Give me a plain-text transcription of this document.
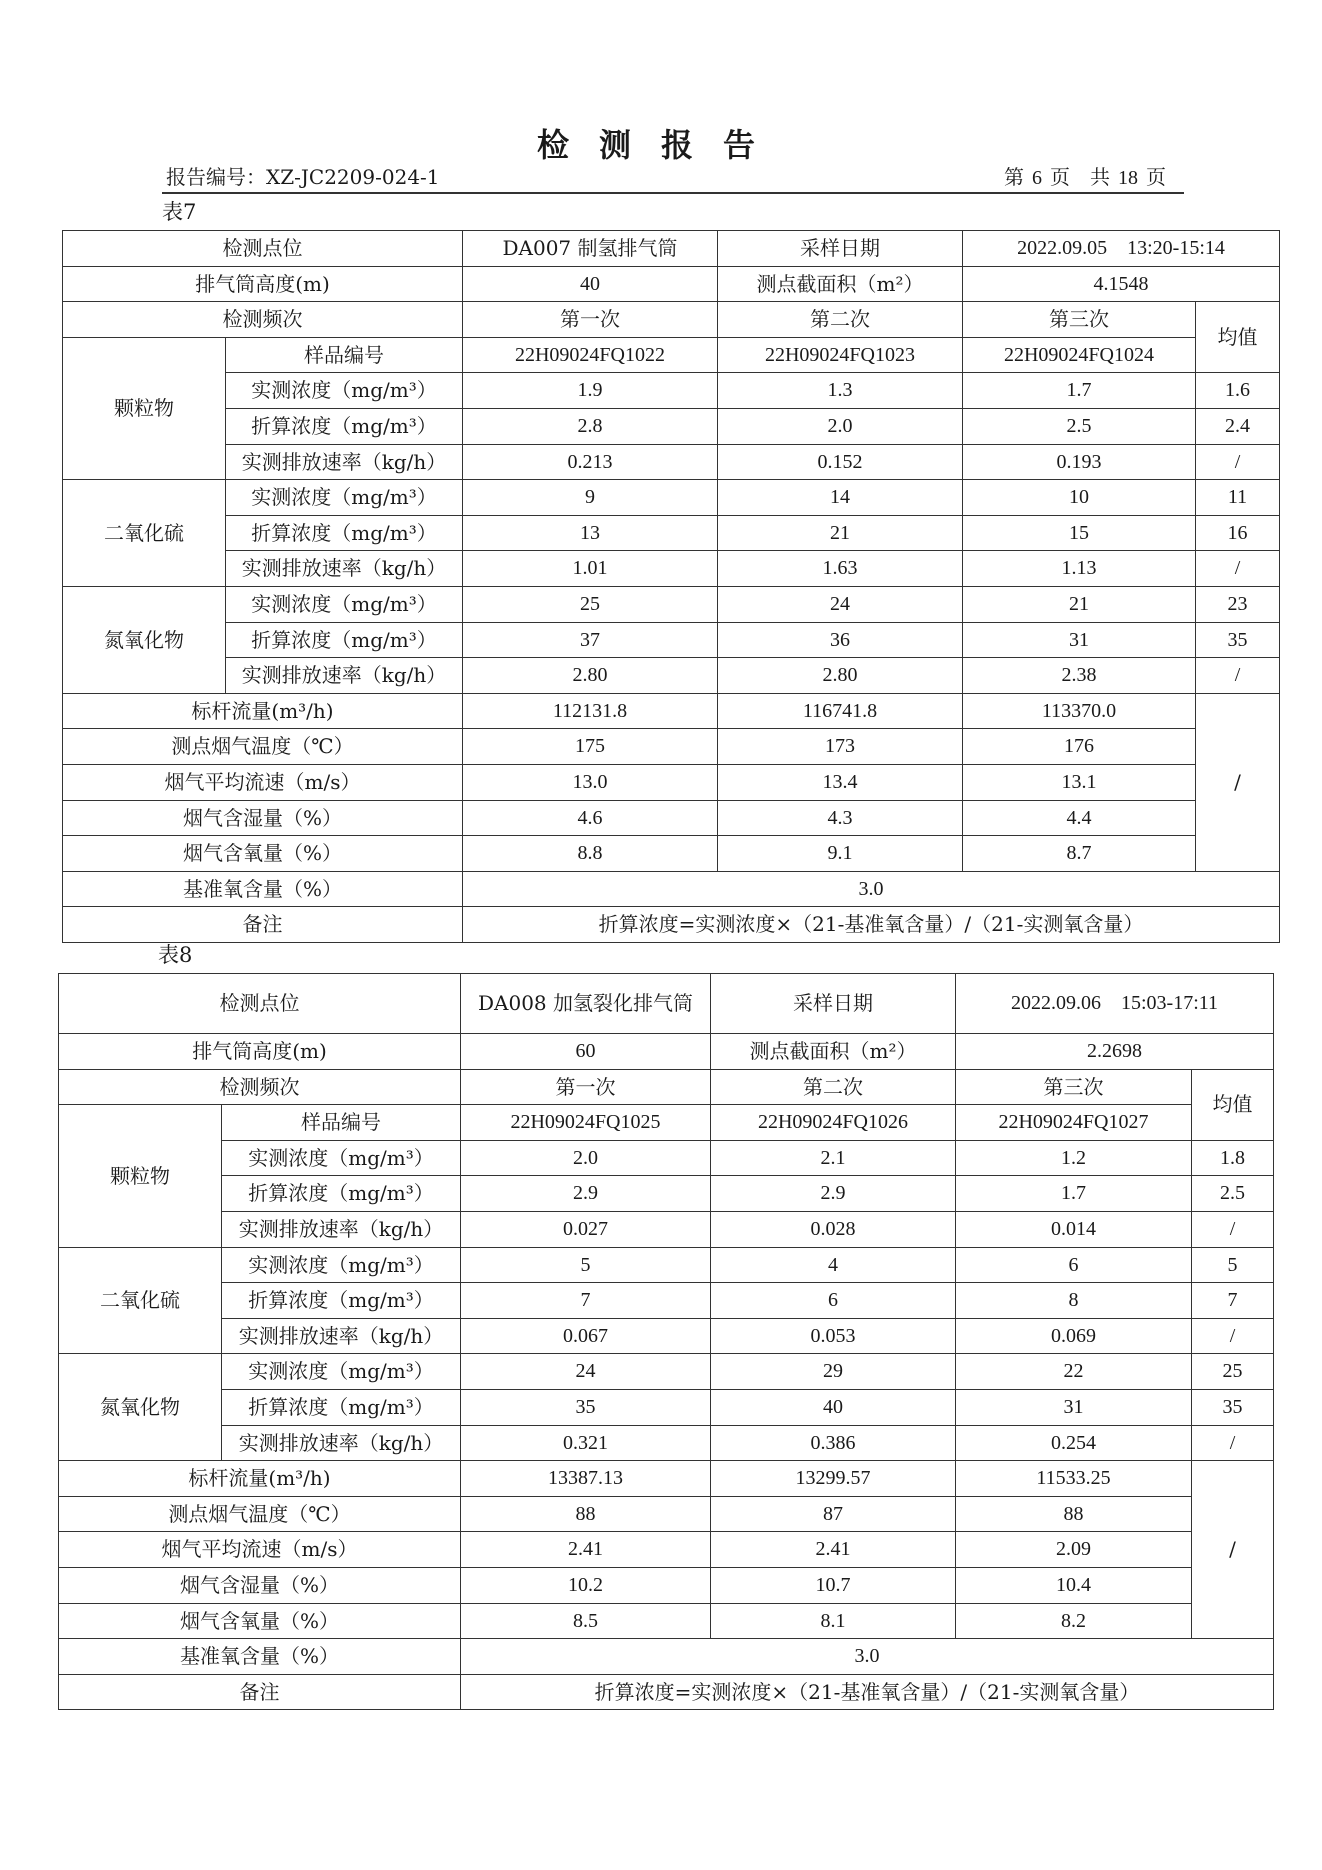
检测报告
报告编号：XZ-JC2209-024-1	第 6 页　共 18 页
表7
检测点位		DA007 制氢排气筒	采样日期	2022.09.05　13:20-15:14	
排气筒高度(m)		40	测点截面积（m²）	4.1548	
检测频次		第一次	第二次	第三次	均值
颗粒物	样品编号	22H09024FQ1022	22H09024FQ1023	22H09024FQ1024	
	实测浓度（mg/m³）	1.9	1.3	1.7	1.6
	折算浓度（mg/m³）	2.8	2.0	2.5	2.4
	实测排放速率（kg/h）	0.213	0.152	0.193	/
二氧化硫	实测浓度（mg/m³）	9	14	10	11
	折算浓度（mg/m³）	13	21	15	16
	实测排放速率（kg/h）	1.01	1.63	1.13	/
氮氧化物	实测浓度（mg/m³）	25	24	21	23
	折算浓度（mg/m³）	37	36	31	35
	实测排放速率（kg/h）	2.80	2.80	2.38	/
标杆流量(m³/h)		112131.8	116741.8	113370.0	/
测点烟气温度（℃）		175	173	176	
烟气平均流速（m/s）		13.0	13.4	13.1	
烟气含湿量（%）		4.6	4.3	4.4	
烟气含氧量（%）		8.8	9.1	8.7	
基准氧含量（%）		3.0			
备注		折算浓度=实测浓度×（21-基准氧含量）/（21-实测氧含量）			
表8
检测点位		DA008 加氢裂化排气筒	采样日期	2022.09.06　15:03-17:11	
排气筒高度(m)		60	测点截面积（m²）	2.2698	
检测频次		第一次	第二次	第三次	均值
颗粒物	样品编号	22H09024FQ1025	22H09024FQ1026	22H09024FQ1027	
	实测浓度（mg/m³）	2.0	2.1	1.2	1.8
	折算浓度（mg/m³）	2.9	2.9	1.7	2.5
	实测排放速率（kg/h）	0.027	0.028	0.014	/
二氧化硫	实测浓度（mg/m³）	5	4	6	5
	折算浓度（mg/m³）	7	6	8	7
	实测排放速率（kg/h）	0.067	0.053	0.069	/
氮氧化物	实测浓度（mg/m³）	24	29	22	25
	折算浓度（mg/m³）	35	40	31	35
	实测排放速率（kg/h）	0.321	0.386	0.254	/
标杆流量(m³/h)		13387.13	13299.57	11533.25	/
测点烟气温度（℃）		88	87	88	
烟气平均流速（m/s）		2.41	2.41	2.09	
烟气含湿量（%）		10.2	10.7	10.4	
烟气含氧量（%）		8.5	8.1	8.2	
基准氧含量（%）		3.0			
备注		折算浓度=实测浓度×（21-基准氧含量）/（21-实测氧含量）			
